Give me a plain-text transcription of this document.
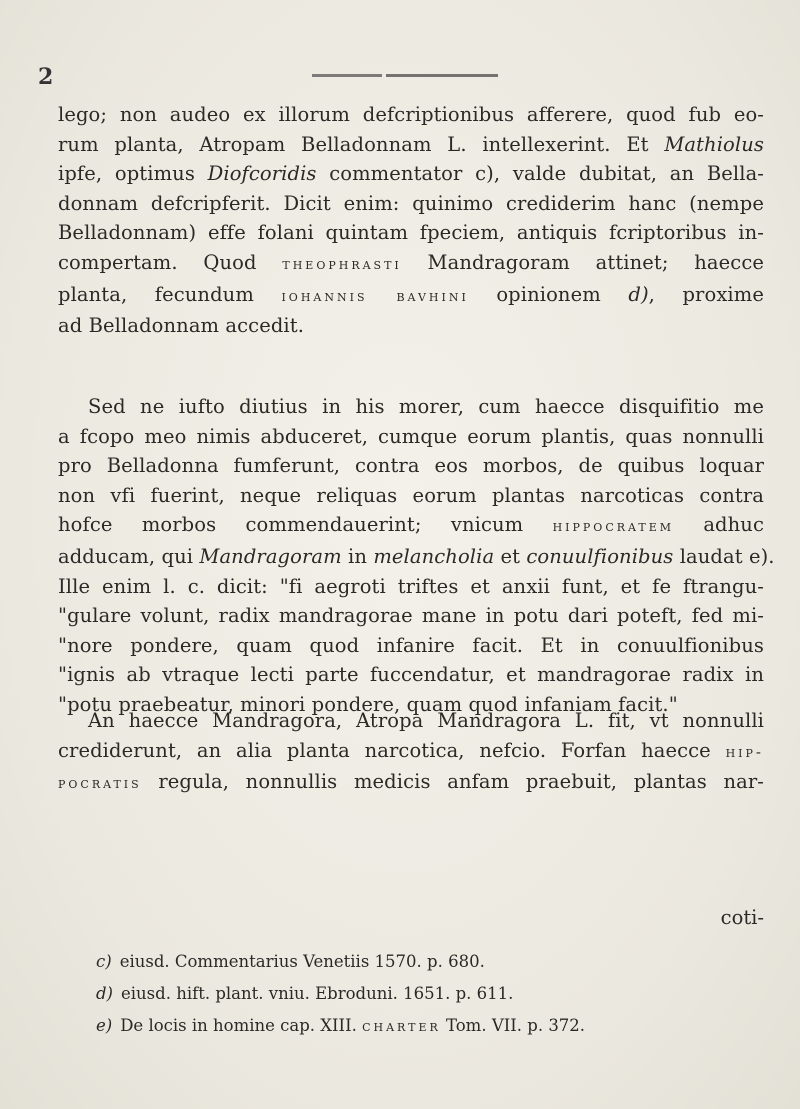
2
lego; non audeo ex illorum defcriptionibus afferere, quod fub eo-
rum planta, Atropam Belladonnam L. intellexerint. Et Mathiolus
ipfe, optimus Diofcoridis commentator c), valde dubitat, an Bella-
donnam defcripferit. Dicit enim: quinimo crediderim hanc (nempe
Belladonnam) effe folani quintam fpeciem, antiquis fcriptoribus in-
compertam. Quod theophrasti Mandragoram attinet; haecce
planta, fecundum iohannis bavhini opinionem d), proxime
ad Belladonnam accedit.
Sed ne iufto diutius in his morer, cum haecce disquifitio me
a fcopo meo nimis abduceret, cumque eorum plantis, quas nonnulli
pro Belladonna fumferunt, contra eos morbos, de quibus loquar
non vfi fuerint, neque reliquas eorum plantas narcoticas contra
hofce morbos commendauerint; vnicum hippocratem adhuc
adducam, qui Mandragoram in melancholia et conuulfionibus laudat e).
Ille enim l. c. dicit: "fi aegroti triftes et anxii funt, et fe ftrangu-
"gulare volunt, radix mandragorae mane in potu dari poteft, fed mi-
"nore pondere, quam quod infanire facit. Et in conuulfionibus
"ignis ab vtraque lecti parte fuccendatur, et mandragorae radix in
"potu praebeatur, minori pondere, quam quod infaniam facit."
An haecce Mandragora, Atropa Mandragora L. fit, vt nonnulli
crediderunt, an alia planta narcotica, nefcio. Forfan haecce hip-
pocratis regula, nonnullis medicis anfam praebuit, plantas nar-
coti-
c) eiusd. Commentarius Venetiis 1570. p. 680.
d) eiusd. hift. plant. vniu. Ebroduni. 1651. p. 611.
e) De locis in homine cap. XIII. charter Tom. VII. p. 372.
